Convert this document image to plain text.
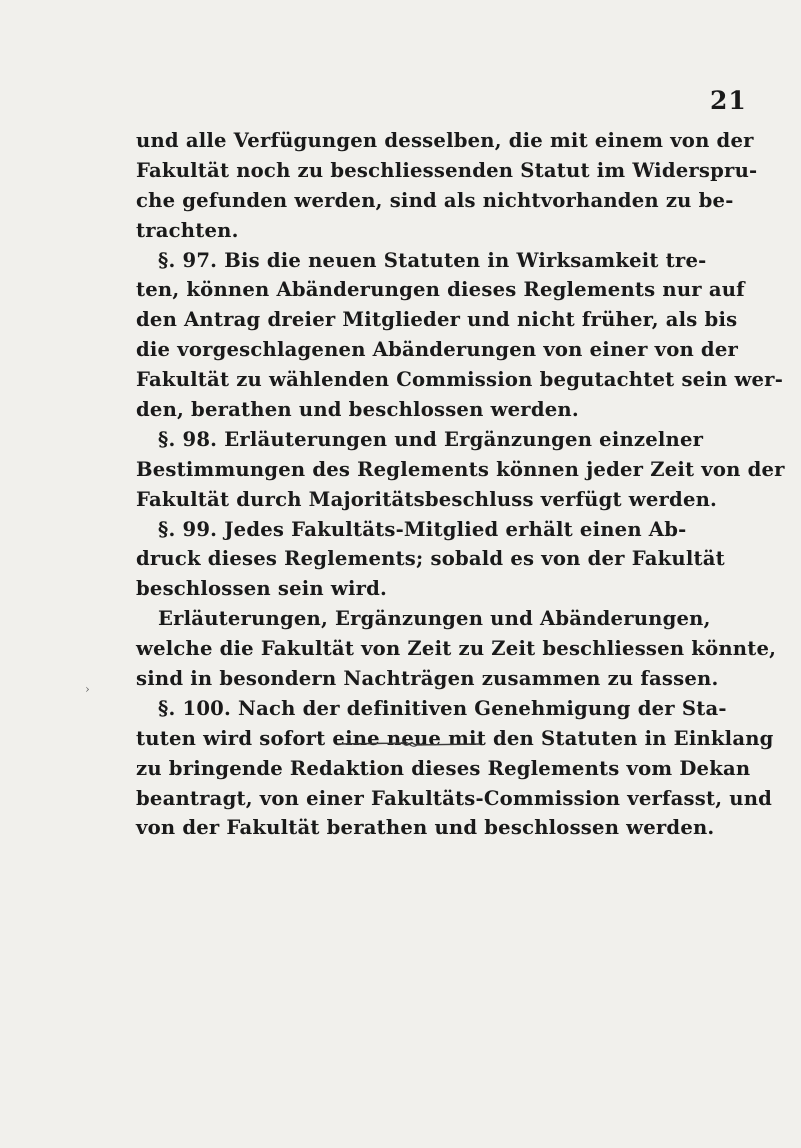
21
und alle Verfügungen desselben, die mit einem von der
Fakultät noch zu beschliessenden Statut im Widerspru-
che gefunden werden, sind als nichtvorhanden zu be-
trachten.
§. 97. Bis die neuen Statuten in Wirksamkeit tre-
ten, können Abänderungen dieses Reglements nur auf
den Antrag dreier Mitglieder und nicht früher, als bis
die vorgeschlagenen Abänderungen von einer von der
Fakultät zu wählenden Commission begutachtet sein wer-
den, berathen und beschlossen werden.
§. 98. Erläuterungen und Ergänzungen einzelner
Bestimmungen des Reglements können jeder Zeit von der
Fakultät durch Majoritätsbeschluss verfügt werden.
§. 99. Jedes Fakultäts-Mitglied erhält einen Ab-
druck dieses Reglements; sobald es von der Fakultät
beschlossen sein wird.
Erläuterungen, Ergänzungen und Abänderungen,
welche die Fakultät von Zeit zu Zeit beschliessen könnte,
sind in besondern Nachträgen zusammen zu fassen.
§. 100. Nach der definitiven Genehmigung der Sta-
tuten wird sofort eine neue mit den Statuten in Einklang
zu bringende Redaktion dieses Reglements vom Dekan
beantragt, von einer Fakultäts-Commission verfasst, und
von der Fakultät berathen und beschlossen werden.
›
